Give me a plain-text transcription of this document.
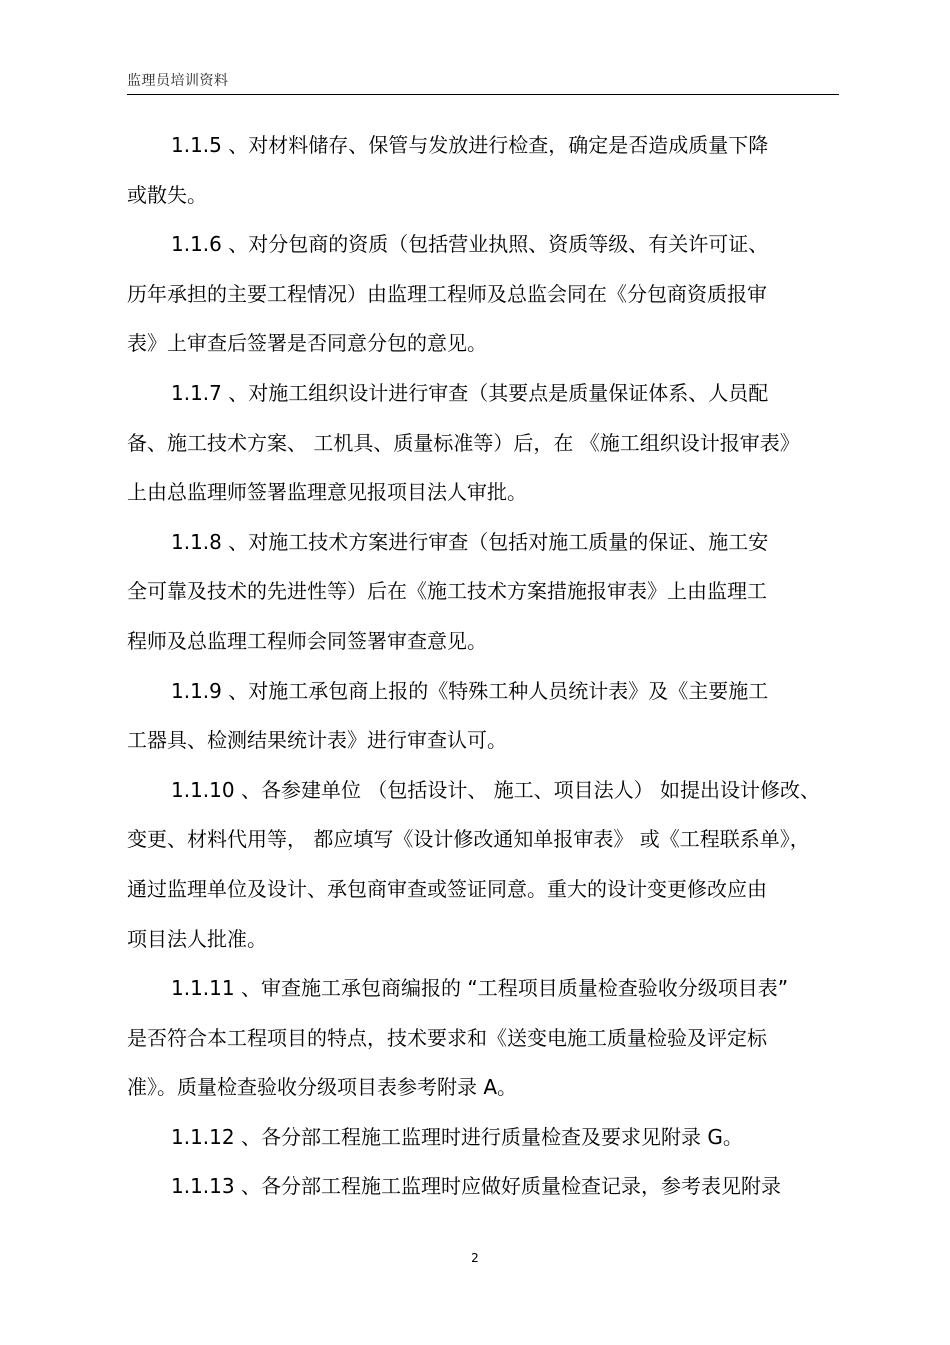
监理员培训资料
1.1.5 、对材料储存、保管与发放进行检查，确定是否造成质量下降
或散失。
1.1.6 、对分包商的资质（包括营业执照、资质等级、有关许可证、
历年承担的主要工程情况）由监理工程师及总监会同在《分包商资质报审
表》上审查后签署是否同意分包的意见。
1.1.7 、对施工组织设计进行审查（其要点是质量保证体系、人员配
备、施工技术方案、 工机具、质量标准等）后，在 《施工组织设计报审表》
上由总监理师签署监理意见报项目法人审批。
1.1.8 、对施工技术方案进行审查（包括对施工质量的保证、施工安
全可靠及技术的先进性等）后在《施工技术方案措施报审表》上由监理工
程师及总监理工程师会同签署审查意见。
1.1.9 、对施工承包商上报的《特殊工种人员统计表》及《主要施工
工器具、检测结果统计表》进行审查认可。
1.1.10 、各参建单位 （包括设计、 施工、项目法人） 如提出设计修改、
变更、材料代用等， 都应填写《设计修改通知单报审表》 或《工程联系单》，
通过监理单位及设计、承包商审查或签证同意。重大的设计变更修改应由
项目法人批准。
1.1.11 、审查施工承包商编报的 “工程项目质量检查验收分级项目表”
是否符合本工程项目的特点，技术要求和《送变电施工质量检验及评定标
准》。质量检查验收分级项目表参考附录 A。
1.1.12 、各分部工程施工监理时进行质量检查及要求见附录 G。
1.1.13 、各分部工程施工监理时应做好质量检查记录，参考表见附录
2
